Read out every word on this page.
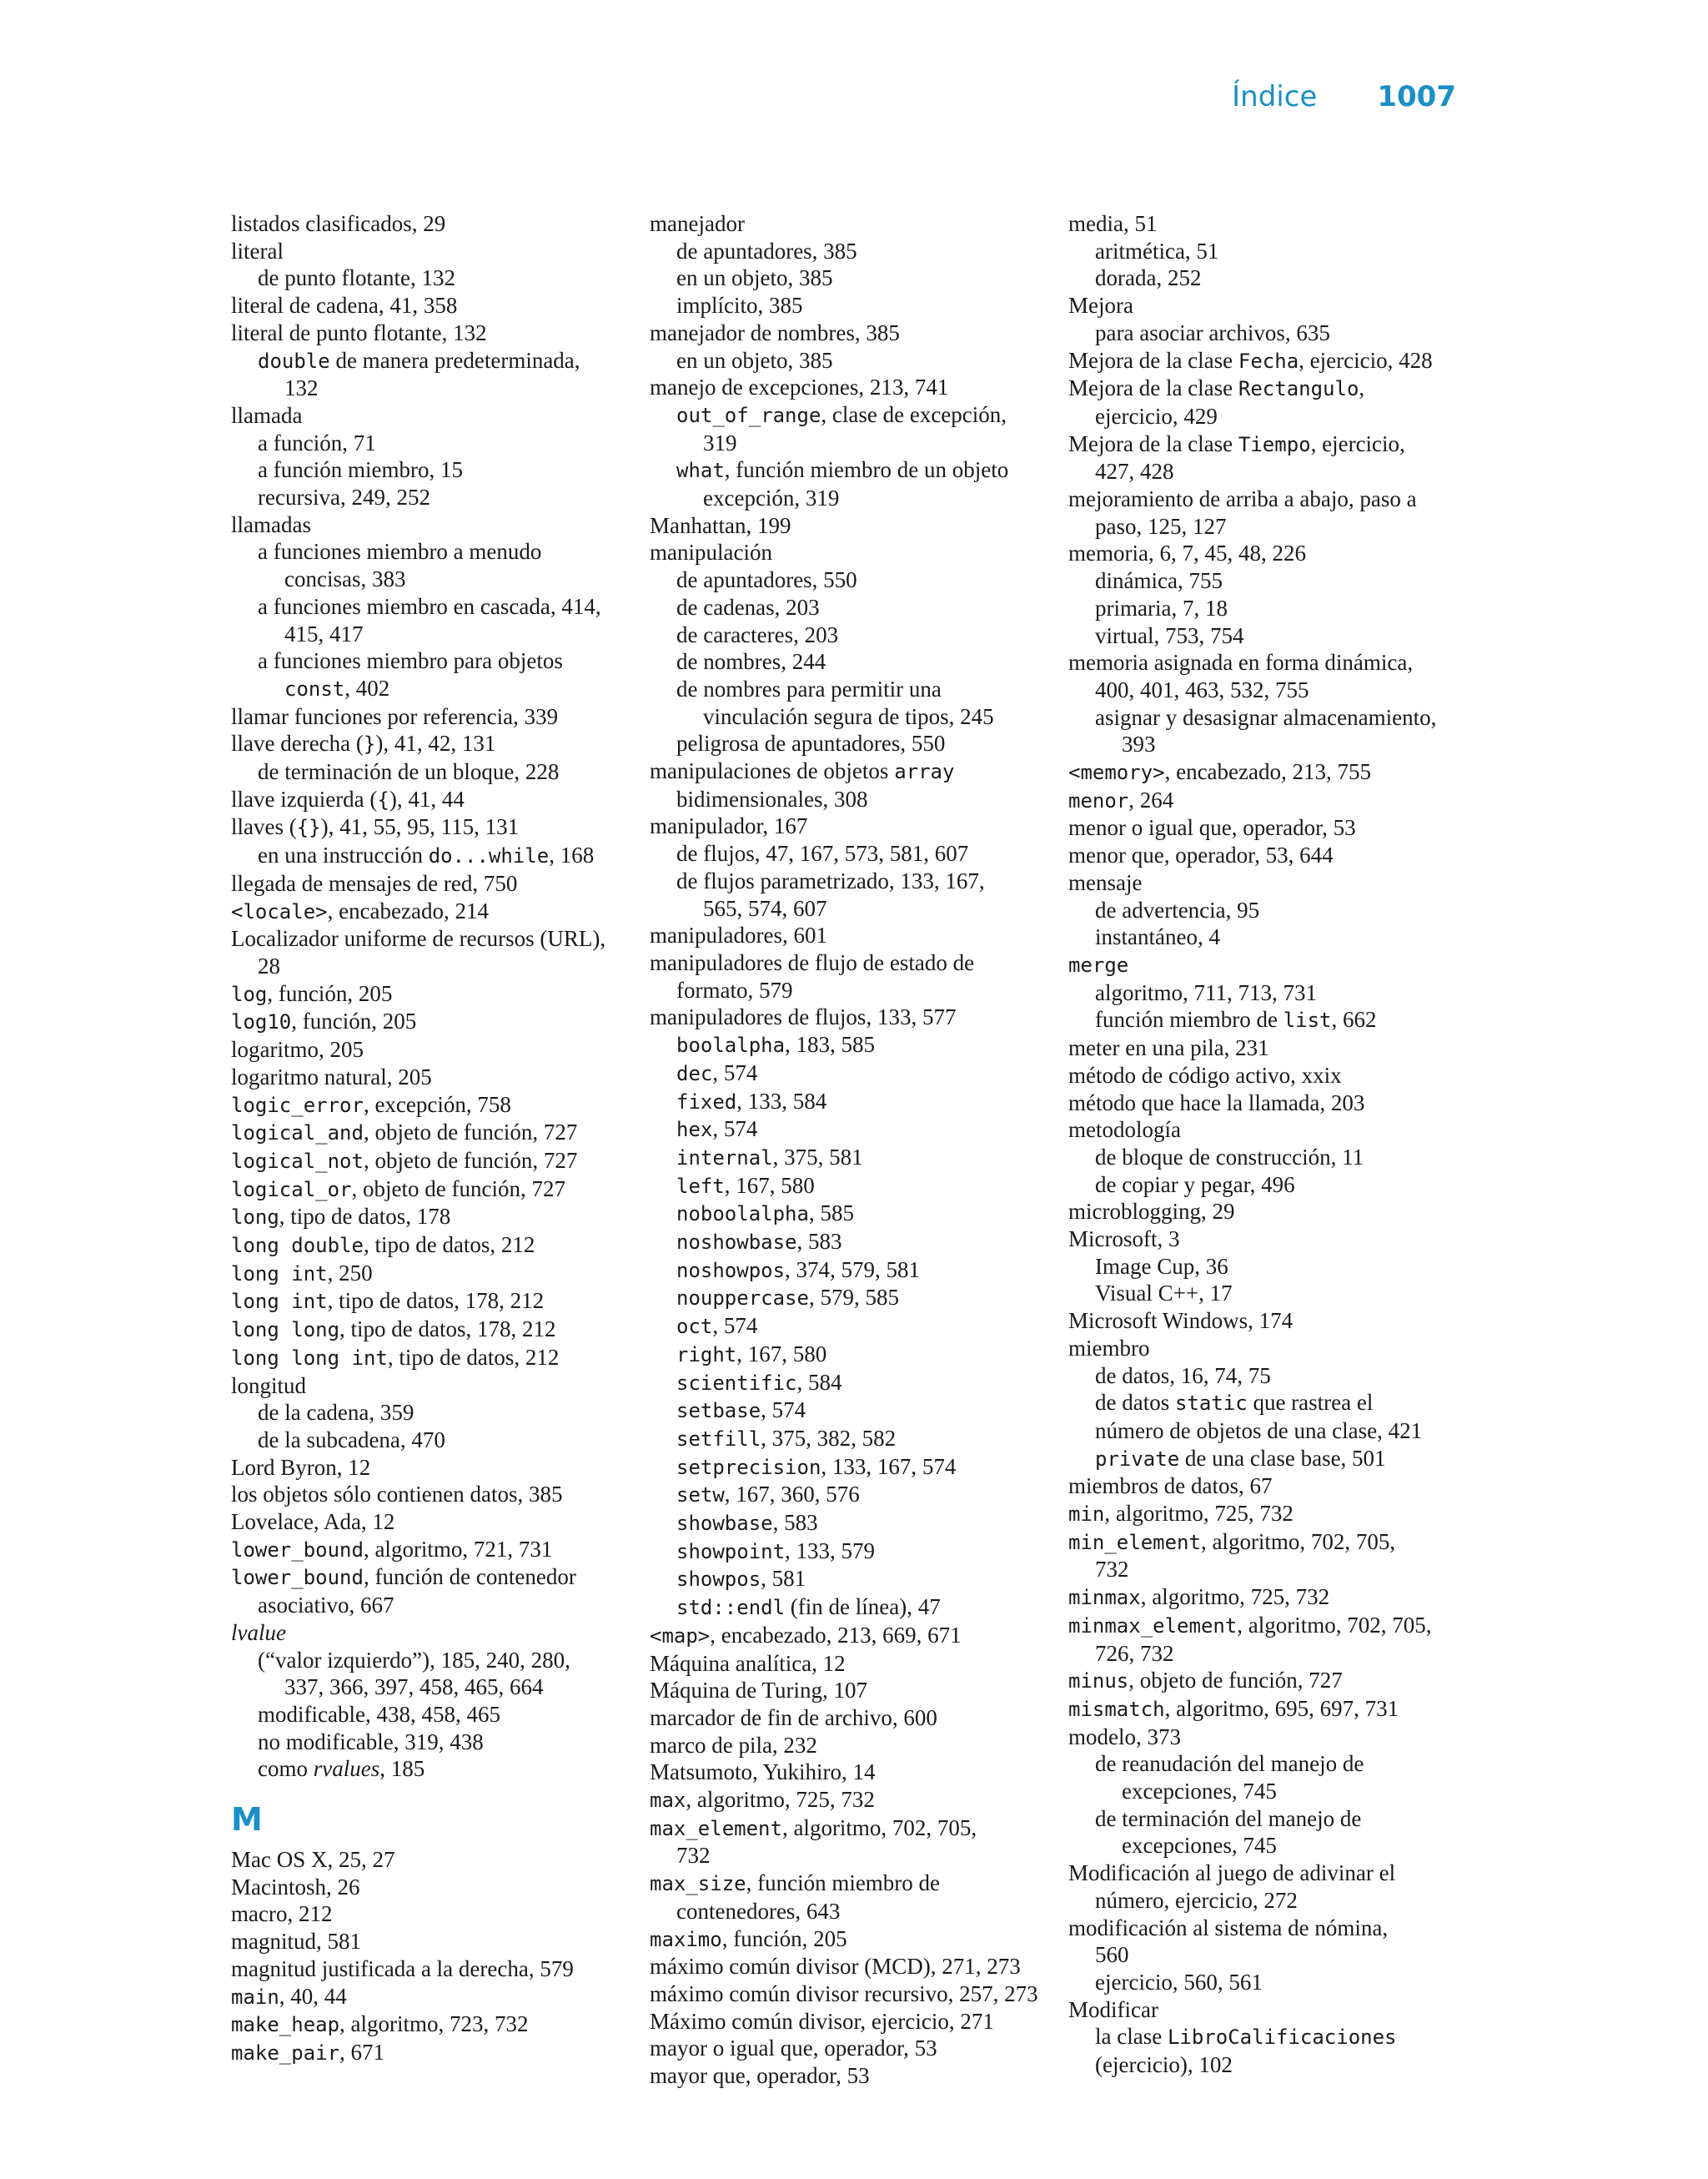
Índice 1007
listados clasificados, 29
literal
de punto flotante, 132
literal de cadena, 41, 358
literal de punto flotante, 132
double de manera predeterminada,
132
llamada
a función, 71
a función miembro, 15
recursiva, 249, 252
llamadas
a funciones miembro a menudo
concisas, 383
a funciones miembro en cascada, 414,
415, 417
a funciones miembro para objetos
const, 402
llamar funciones por referencia, 339
llave derecha (}), 41, 42, 131
de terminación de un bloque, 228
llave izquierda ({), 41, 44
llaves ({}), 41, 55, 95, 115, 131
en una instrucción do...while, 168
llegada de mensajes de red, 750
<locale>, encabezado, 214
Localizador uniforme de recursos (URL),
28
log, función, 205
log10, función, 205
logaritmo, 205
logaritmo natural, 205
logic_error, excepción, 758
logical_and, objeto de función, 727
logical_not, objeto de función, 727
logical_or, objeto de función, 727
long, tipo de datos, 178
long double, tipo de datos, 212
long int, 250
long int, tipo de datos, 178, 212
long long, tipo de datos, 178, 212
long long int, tipo de datos, 212
longitud
de la cadena, 359
de la subcadena, 470
Lord Byron, 12
los objetos sólo contienen datos, 385
Lovelace, Ada, 12
lower_bound, algoritmo, 721, 731
lower_bound, función de contenedor
asociativo, 667
lvalue
(“valor izquierdo”), 185, 240, 280,
337, 366, 397, 458, 465, 664
modificable, 438, 458, 465
no modificable, 319, 438
como rvalues, 185
M
Mac OS X, 25, 27
Macintosh, 26
macro, 212
magnitud, 581
magnitud justificada a la derecha, 579
main, 40, 44
make_heap, algoritmo, 723, 732
make_pair, 671
manejador
de apuntadores, 385
en un objeto, 385
implícito, 385
manejador de nombres, 385
en un objeto, 385
manejo de excepciones, 213, 741
out_of_range, clase de excepción,
319
what, función miembro de un objeto
excepción, 319
Manhattan, 199
manipulación
de apuntadores, 550
de cadenas, 203
de caracteres, 203
de nombres, 244
de nombres para permitir una
vinculación segura de tipos, 245
peligrosa de apuntadores, 550
manipulaciones de objetos array
bidimensionales, 308
manipulador, 167
de flujos, 47, 167, 573, 581, 607
de flujos parametrizado, 133, 167,
565, 574, 607
manipuladores, 601
manipuladores de flujo de estado de
formato, 579
manipuladores de flujos, 133, 577
boolalpha, 183, 585
dec, 574
fixed, 133, 584
hex, 574
internal, 375, 581
left, 167, 580
noboolalpha, 585
noshowbase, 583
noshowpos, 374, 579, 581
nouppercase, 579, 585
oct, 574
right, 167, 580
scientific, 584
setbase, 574
setfill, 375, 382, 582
setprecision, 133, 167, 574
setw, 167, 360, 576
showbase, 583
showpoint, 133, 579
showpos, 581
std::endl (fin de línea), 47
<map>, encabezado, 213, 669, 671
Máquina analítica, 12
Máquina de Turing, 107
marcador de fin de archivo, 600
marco de pila, 232
Matsumoto, Yukihiro, 14
max, algoritmo, 725, 732
max_element, algoritmo, 702, 705,
732
max_size, función miembro de
contenedores, 643
maximo, función, 205
máximo común divisor (MCD), 271, 273
máximo común divisor recursivo, 257, 273
Máximo común divisor, ejercicio, 271
mayor o igual que, operador, 53
mayor que, operador, 53
media, 51
aritmética, 51
dorada, 252
Mejora
para asociar archivos, 635
Mejora de la clase Fecha, ejercicio, 428
Mejora de la clase Rectangulo,
ejercicio, 429
Mejora de la clase Tiempo, ejercicio,
427, 428
mejoramiento de arriba a abajo, paso a
paso, 125, 127
memoria, 6, 7, 45, 48, 226
dinámica, 755
primaria, 7, 18
virtual, 753, 754
memoria asignada en forma dinámica,
400, 401, 463, 532, 755
asignar y desasignar almacenamiento,
393
<memory>, encabezado, 213, 755
menor, 264
menor o igual que, operador, 53
menor que, operador, 53, 644
mensaje
de advertencia, 95
instantáneo, 4
merge
algoritmo, 711, 713, 731
función miembro de list, 662
meter en una pila, 231
método de código activo, xxix
método que hace la llamada, 203
metodología
de bloque de construcción, 11
de copiar y pegar, 496
microblogging, 29
Microsoft, 3
Image Cup, 36
Visual C++, 17
Microsoft Windows, 174
miembro
de datos, 16, 74, 75
de datos static que rastrea el
número de objetos de una clase, 421
private de una clase base, 501
miembros de datos, 67
min, algoritmo, 725, 732
min_element, algoritmo, 702, 705,
732
minmax, algoritmo, 725, 732
minmax_element, algoritmo, 702, 705,
726, 732
minus, objeto de función, 727
mismatch, algoritmo, 695, 697, 731
modelo, 373
de reanudación del manejo de
excepciones, 745
de terminación del manejo de
excepciones, 745
Modificación al juego de adivinar el
número, ejercicio, 272
modificación al sistema de nómina,
560
ejercicio, 560, 561
Modificar
la clase LibroCalificaciones
(ejercicio), 102
